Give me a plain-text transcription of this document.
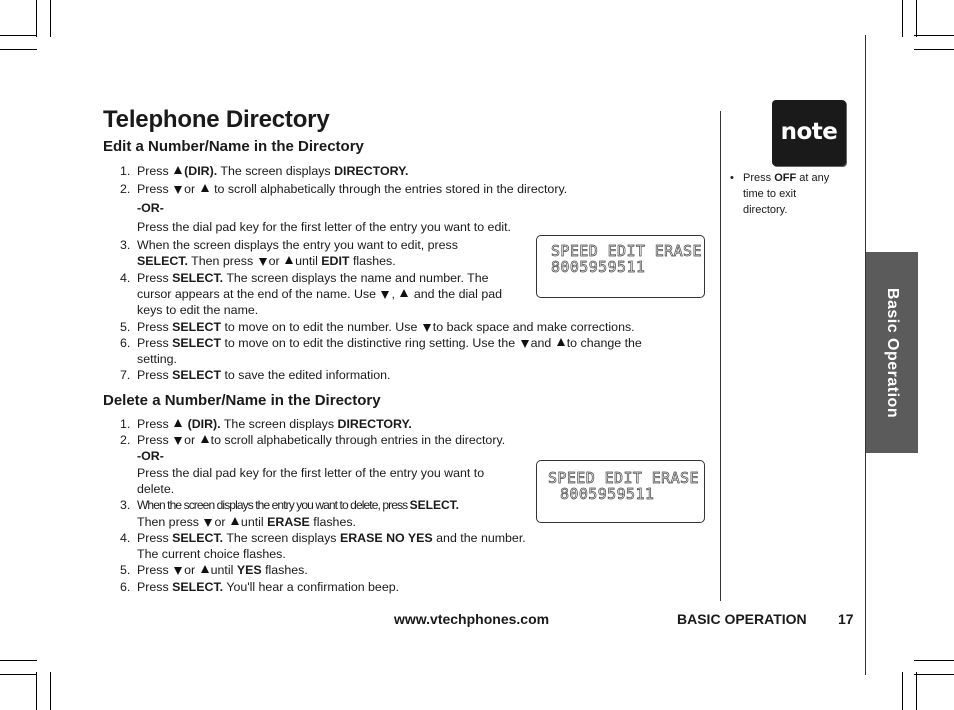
Telephone Directory
Edit a Number/Name in the Directory
1. Press (DIR). The screen displays DIRECTORY.
2. Press or to scroll alphabetically through the entries stored in the directory.
-OR-
Press the dial pad key for the first letter of the entry you want to edit.
3. When the screen displays the entry you want to edit, press
SELECT. Then press or until EDIT flashes.
4. Press SELECT. The screen displays the name and number. The
cursor appears at the end of the name. Use , and the dial pad
keys to edit the name.
5. Press SELECT to move on to edit the number. Use to back space and make corrections.
6. Press SELECT to move on to edit the distinctive ring setting. Use the and to change the
setting.
7. Press SELECT to save the edited information.
SPEED EDIT ERASE
8005959511
Delete a Number/Name in the Directory
1. Press (DIR). The screen displays DIRECTORY.
2. Press or to scroll alphabetically through entries in the directory.
-OR-
Press the dial pad key for the first letter of the entry you want to
delete.
3. When the screen displays the entry you want to delete, press SELECT.
Then press or until ERASE flashes.
4. Press SELECT. The screen displays ERASE NO YES and the number.
The current choice flashes.
5. Press or until YES flashes.
6. Press SELECT. You'll hear a confirmation beep.
SPEED EDIT ERASE
8005959511
note
• Press OFF at any time to exit directory.
Basic Operation
www.vtechphones.com	BASIC OPERATION 17
